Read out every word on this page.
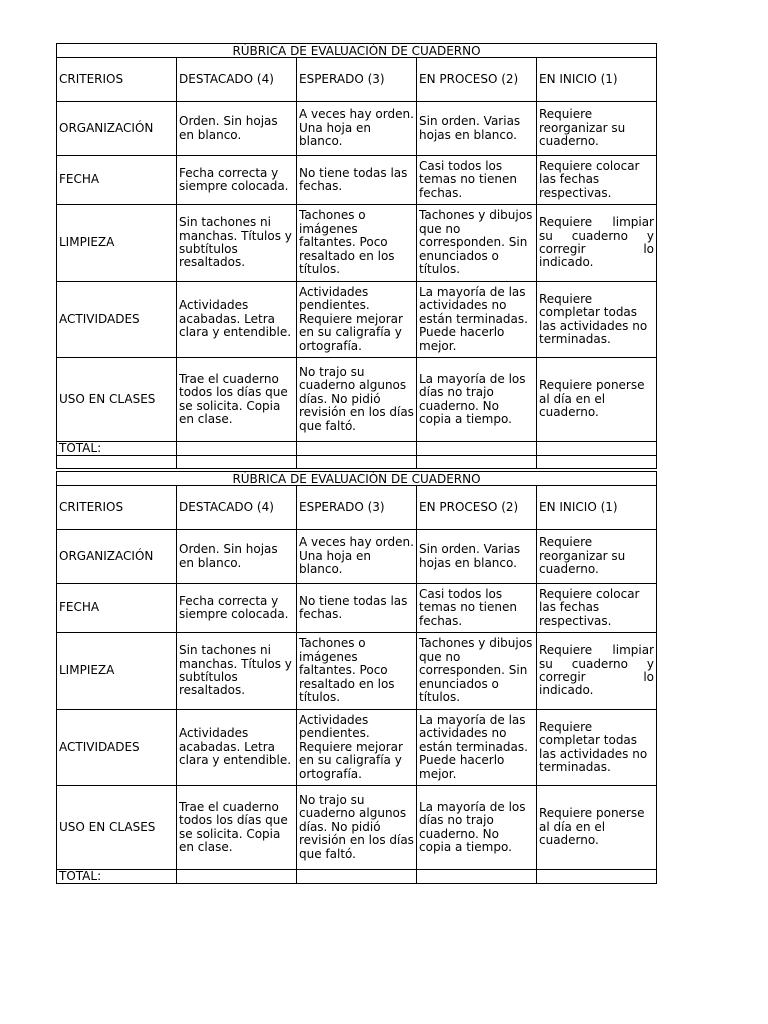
RÚBRICA DE EVALUACIÓN DE CUADERNO				
CRITERIOS	DESTACADO (4)	ESPERADO (3)	EN PROCESO (2)	EN INICIO (1)
ORGANIZACIÓN	Orden. Sin hojas en blanco.	A veces hay orden. Una hoja en blanco.	Sin orden. Varias hojas en blanco.	Requiere reorganizar su cuaderno.
FECHA	Fecha correcta y siempre colocada.	No tiene todas las fechas.	Casi todos los temas no tienen fechas.	Requiere colocar las fechas respectivas.
LIMPIEZA	Sin tachones ni manchas. Títulos y subtítulos resaltados.	Tachones o imágenes faltantes. Poco resaltado en los títulos.	Tachones y dibujos que no corresponden. Sin enunciados o títulos.	Requiere limpiar su cuaderno y corregir lo indicado.
ACTIVIDADES	Actividades acabadas. Letra clara y entendible.	Actividades pendientes. Requiere mejorar en su caligrafía y ortografía.	La mayoría de las actividades no están terminadas. Puede hacerlo mejor.	Requiere completar todas las actividades no terminadas.
USO EN CLASES	Trae el cuaderno todos los días que se solicita. Copia en clase.	No trajo su cuaderno algunos días. No pidió revisión en los días que faltó.	La mayoría de los días no trajo cuaderno. No copia a tiempo.	Requiere ponerse al día en el cuaderno.
TOTAL:				

RÚBRICA DE EVALUACIÓN DE CUADERNO				
CRITERIOS	DESTACADO (4)	ESPERADO (3)	EN PROCESO (2)	EN INICIO (1)
ORGANIZACIÓN	Orden. Sin hojas en blanco.	A veces hay orden. Una hoja en blanco.	Sin orden. Varias hojas en blanco.	Requiere reorganizar su cuaderno.
FECHA	Fecha correcta y siempre colocada.	No tiene todas las fechas.	Casi todos los temas no tienen fechas.	Requiere colocar las fechas respectivas.
LIMPIEZA	Sin tachones ni manchas. Títulos y subtítulos resaltados.	Tachones o imágenes faltantes. Poco resaltado en los títulos.	Tachones y dibujos que no corresponden. Sin enunciados o títulos.	Requiere limpiar su cuaderno y corregir lo indicado.
ACTIVIDADES	Actividades acabadas. Letra clara y entendible.	Actividades pendientes. Requiere mejorar en su caligrafía y ortografía.	La mayoría de las actividades no están terminadas. Puede hacerlo mejor.	Requiere completar todas las actividades no terminadas.
USO EN CLASES	Trae el cuaderno todos los días que se solicita. Copia en clase.	No trajo su cuaderno algunos días. No pidió revisión en los días que faltó.	La mayoría de los días no trajo cuaderno. No copia a tiempo.	Requiere ponerse al día en el cuaderno.
TOTAL:				
